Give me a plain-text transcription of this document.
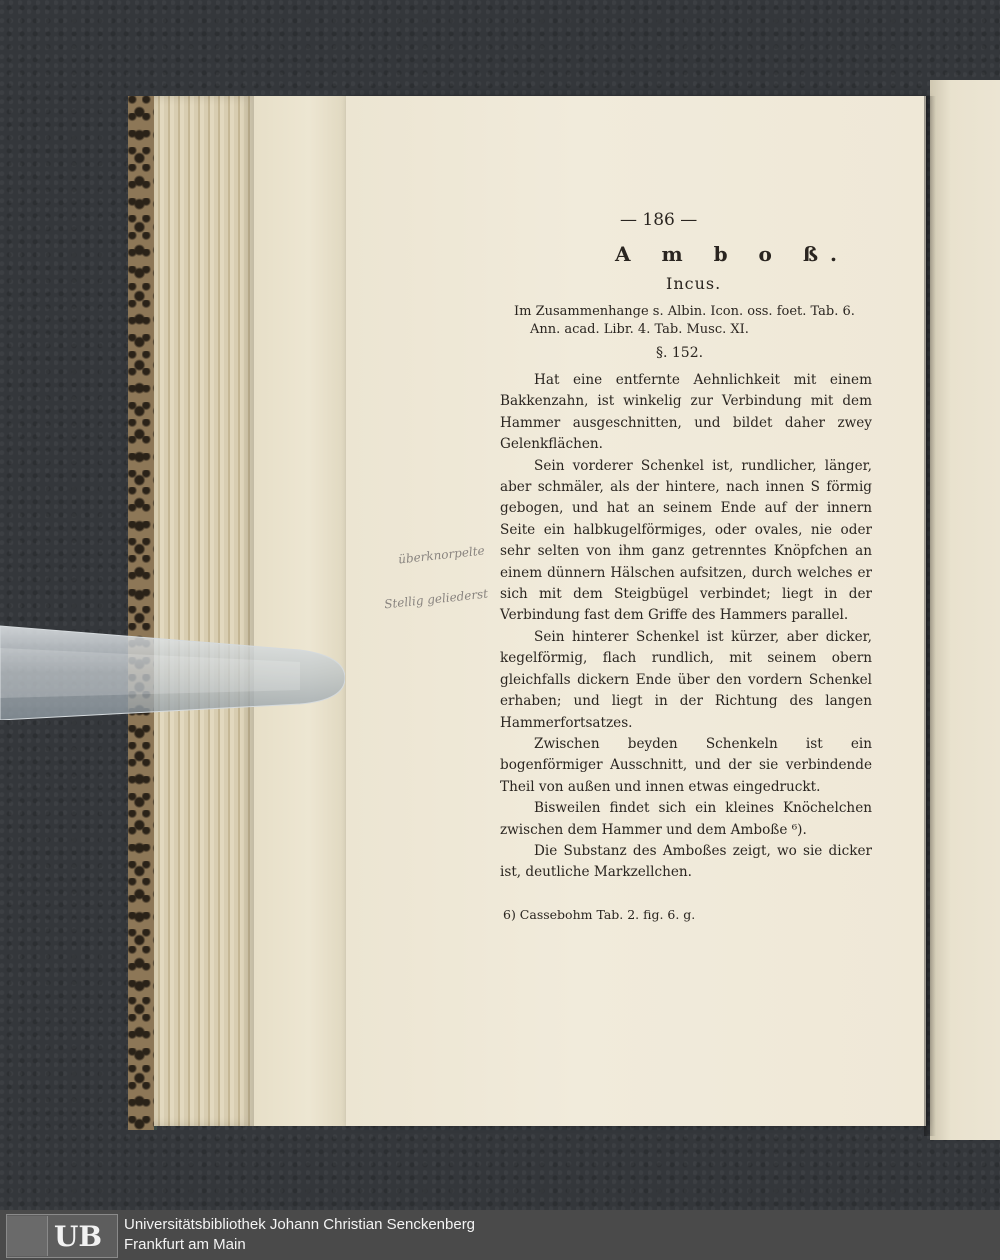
— 186 —
A m b o ß.
Incus.
Im Zusammenhange s. Albin. Icon. oss. foet. Tab. 6.
Ann. acad. Libr. 4. Tab. Musc. XI.
§. 152.

Hat eine entfernte Aehnlichkeit mit einem Bakkenzahn, ist winkelig zur Verbindung mit dem Hammer ausgeschnitten, und bildet daher zwey Gelenkflächen.

Sein vorderer Schenkel ist, rundlicher, länger, aber schmäler, als der hintere, nach innen S förmig gebogen, und hat an seinem Ende auf der innern Seite ein halbkugelförmiges, oder ovales, nie oder sehr selten von ihm ganz getrenntes Knöpfchen an einem dünnern Hälschen aufsitzen, durch welches er sich mit dem Steigbügel verbindet; liegt in der Verbindung fast dem Griffe des Hammers parallel.

Sein hinterer Schenkel ist kürzer, aber dicker, kegelförmig, flach rundlich, mit seinem obern gleichfalls dickern Ende über den vordern Schenkel erhaben; und liegt in der Richtung des langen Hammerfortsatzes.

Zwischen beyden Schenkeln ist ein bogenförmiger Ausschnitt, und der sie verbindende Theil von außen und innen etwas eingedruckt.

Bisweilen findet sich ein kleines Knöchelchen zwischen dem Hammer und dem Amboße ⁶).

Die Substanz des Amboßes zeigt, wo sie dicker ist, deutliche Markzellchen.

6) Cassebohm Tab. 2. fig. 6. g.
überknorpelte
Stellig geliederst
UB Universitätsbibliothek Johann Christian Senckenberg
Frankfurt am Main
